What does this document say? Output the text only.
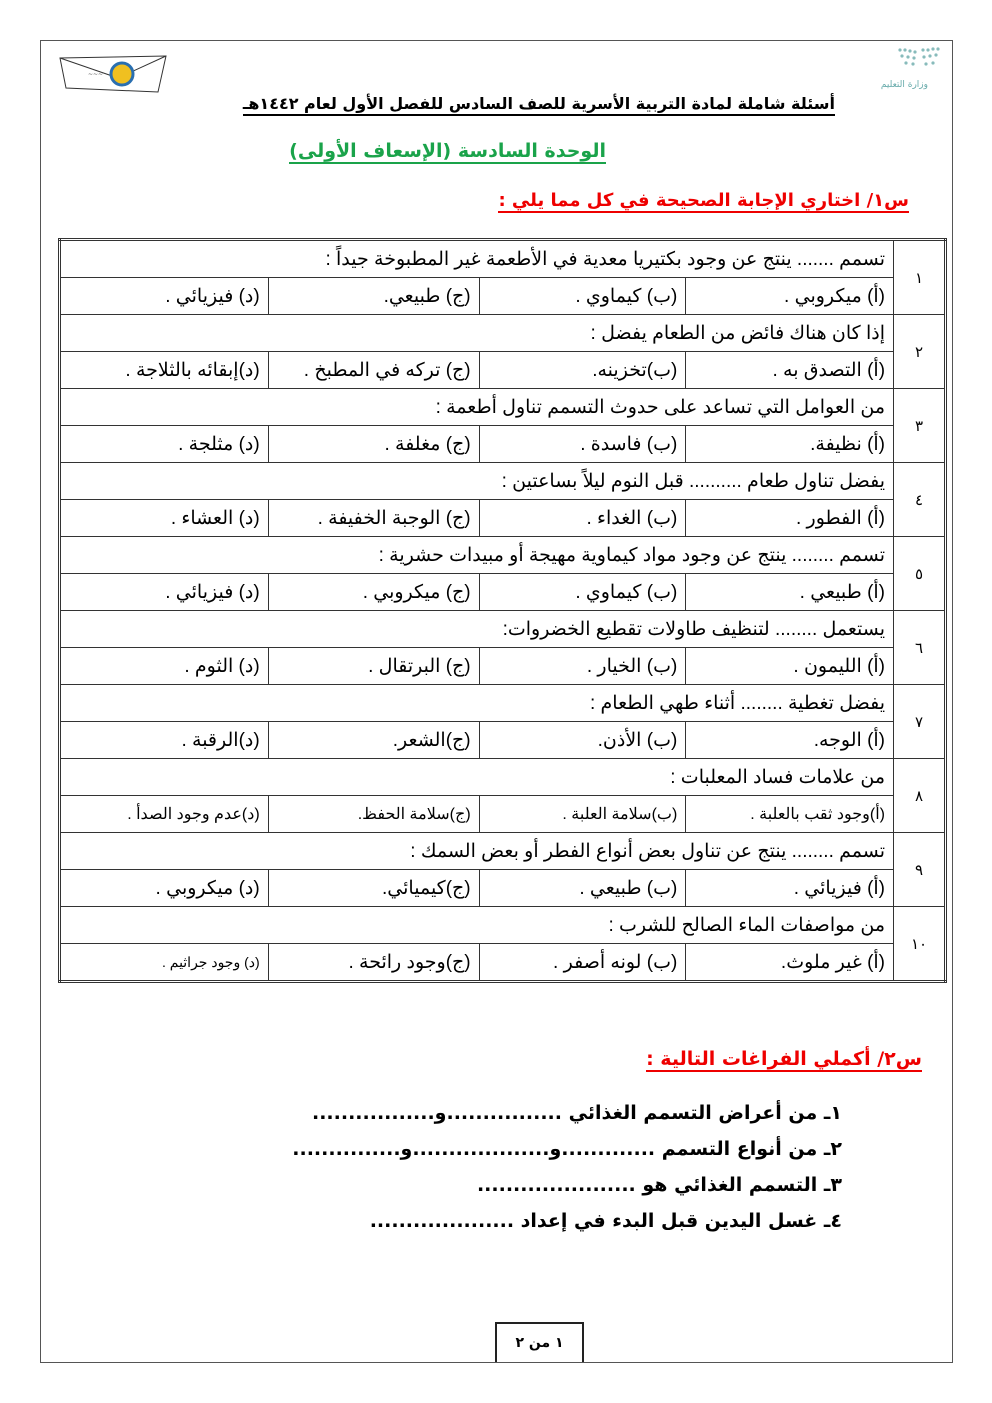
~~~
وزارة التعليم
أسئلة شاملة لمادة التربية الأسرية للصف السادس للفصل الأول لعام ١٤٤٢هـ
الوحدة السادسة (الإسعاف الأولى)
س١/ اختاري الإجابة الصحيحة في كل مما يلي :
١	تسمم ....... ينتج عن وجود بكتيريا معدية في الأطعمة غير المطبوخة جيداً :			
	(أ) ميكروبي .	(ب) كيماوي .	(ج) طبيعي.	(د) فيزيائي .
٢	إذا كان هناك فائض من الطعام يفضل :			
	(أ) التصدق به .	(ب)تخزينه.	(ج) تركه في المطبخ .	(د)إبقائه بالثلاجة .
٣	من العوامل التي تساعد على حدوث التسمم تناول أطعمة :			
	(أ) نظيفة.	(ب) فاسدة .	(ج) مغلفة .	(د) مثلجة .
٤	يفضل تناول طعام .......... قبل النوم ليلاً بساعتين :			
	(أ) الفطور .	(ب) الغداء .	(ج) الوجبة الخفيفة .	(د) العشاء .
٥	تسمم ........ ينتج عن وجود مواد كيماوية مهيجة أو مبيدات حشرية :			
	(أ) طبيعي .	(ب) كيماوي .	(ج) ميكروبي .	(د) فيزيائي .
٦	يستعمل ........ لتنظيف طاولات تقطيع الخضروات:			
	(أ) الليمون .	(ب) الخيار .	(ج) البرتقال .	(د) الثوم .
٧	يفضل تغطية ........ أثناء طهي الطعام :			
	(أ) الوجه.	(ب) الأذن.	(ج)الشعر.	(د)الرقبة .
٨	من علامات فساد المعلبات :			
	(أ)وجود ثقب بالعلبة .	(ب)سلامة العلبة .	(ج)سلامة الحفظ.	(د)عدم وجود الصدأ .
٩	تسمم ........ ينتج عن تناول بعض أنواع الفطر أو بعض السمك :			
	(أ) فيزيائي .	(ب) طبيعي .	(ج)كيميائي.	(د) ميكروبي .
١٠	من مواصفات الماء الصالح للشرب :			
	(أ) غير ملوث.	(ب) لونه أصفر .	(ج)وجود رائحة .	(د) وجود جراثيم .
س٢/ أكملي الفراغات التالية :
١ـ من أعراض التسمم الغذائي ................و.................
٢ـ من أنواع التسمم .............و...................و...............
٣ـ التسمم الغذائي هو ......................
٤ـ غسل اليدين قبل البدء في إعداد ....................
١ من ٢
